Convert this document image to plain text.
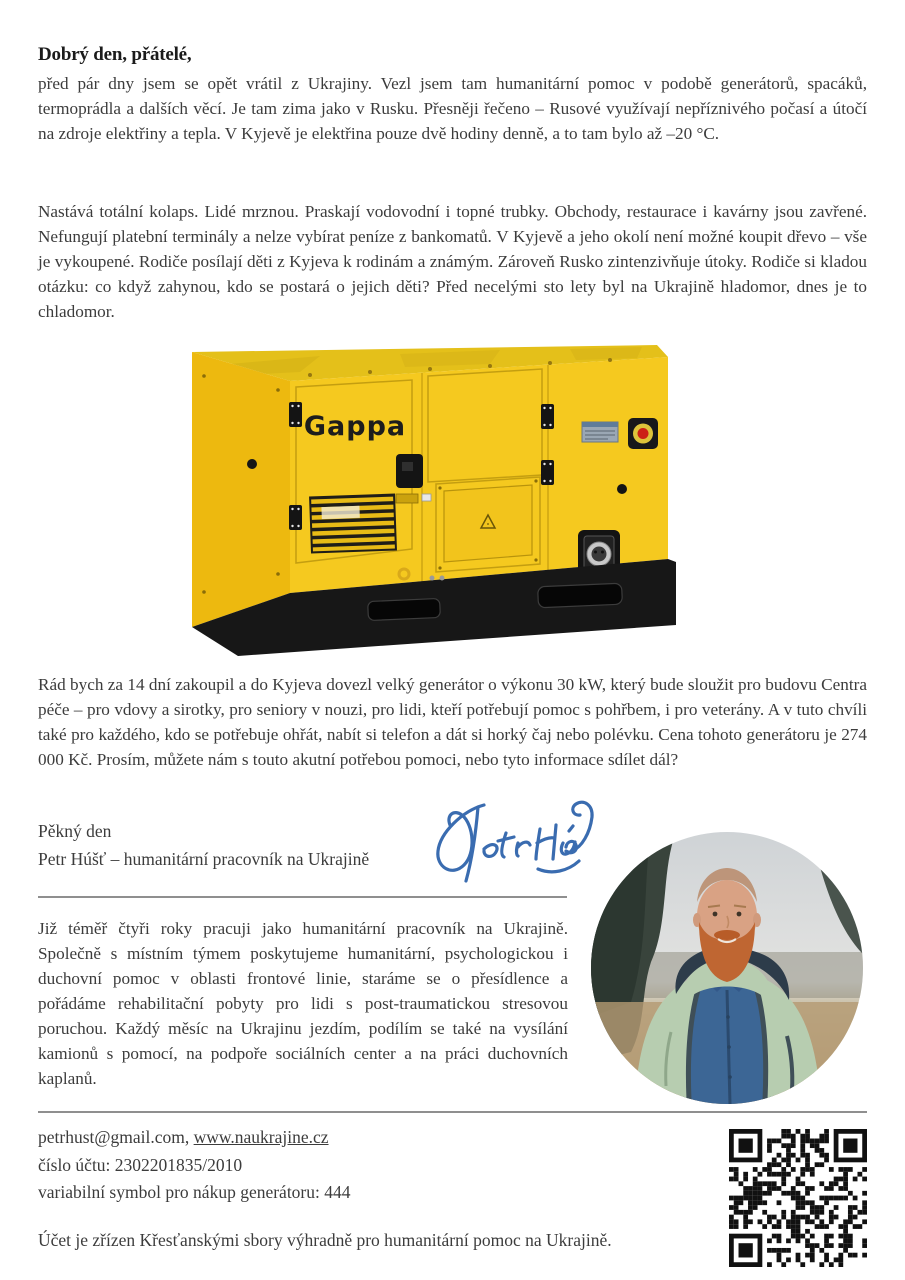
Dobrý den, přátelé,

před pár dny jsem se opět vrátil z Ukrajiny. Vezl jsem tam humanitární pomoc v podobě generátorů, spacáků, termoprádla a dalších věcí. Je tam zima jako v Rusku. Přesněji řečeno – Rusové využívají nepříznivého počasí a útočí na zdroje elektřiny a tepla. V Kyjevě je elektřina pouze dvě hodiny denně, a to tam bylo až –20 °C.

Nastává totální kolaps. Lidé mrznou. Praskají vodovodní i topné trubky. Obchody, restaurace i kavárny jsou zavřené. Nefungují platební terminály a nelze vybírat peníze z bankomatů. V Kyjevě a jeho okolí není možné koupit dřevo – vše je vykoupené. Rodiče posílají děti z Kyjeva k rodinám a známým. Zároveň Rusko zintenzivňuje útoky. Rodiče si kladou otázku: co když zahynou, kdo se postará o jejich děti? Před necelými sto lety byl na Ukrajině hladomor, dnes je to chladomor.

Gappa

Rád bych za 14 dní zakoupil a do Kyjeva dovezl velký generátor o výkonu 30 kW, který bude sloužit pro budovu Centra péče – pro vdovy a sirotky, pro seniory v nouzi, pro lidi, kteří potřebují pomoc s pohřbem, i pro veterány. A v tuto chvíli také pro každého, kdo se potřebuje ohřát, nabít si telefon a dát si horký čaj nebo polévku. Cena tohoto generátoru je 274 000 Kč. Prosím, můžete nám s touto akutní potřebou pomoci, nebo tyto informace sdílet dál?

Pěkný den
Petr Húšť – humanitární pracovník na Ukrajině

Již téměř čtyři roky pracuji jako humanitární pracovník na Ukrajině. Společně s místním týmem poskytujeme humanitární, psychologickou i duchovní pomoc v oblasti frontové linie, staráme se o přesídlence a pořádáme rehabilitační pobyty pro lidi s post-traumatickou stresovou poruchou. Každý měsíc na Ukrajinu jezdím, podílím se také na vysílání kamionů s pomocí, na podpoře sociálních center a na práci duchovních kaplanů.

petrhust@gmail.com, www.naukrajine.cz
číslo účtu: 2302201835/2010
variabilní symbol pro nákup generátoru: 444

Účet je zřízen Křesťanskými sbory výhradně pro humanitární pomoc na Ukrajině.
